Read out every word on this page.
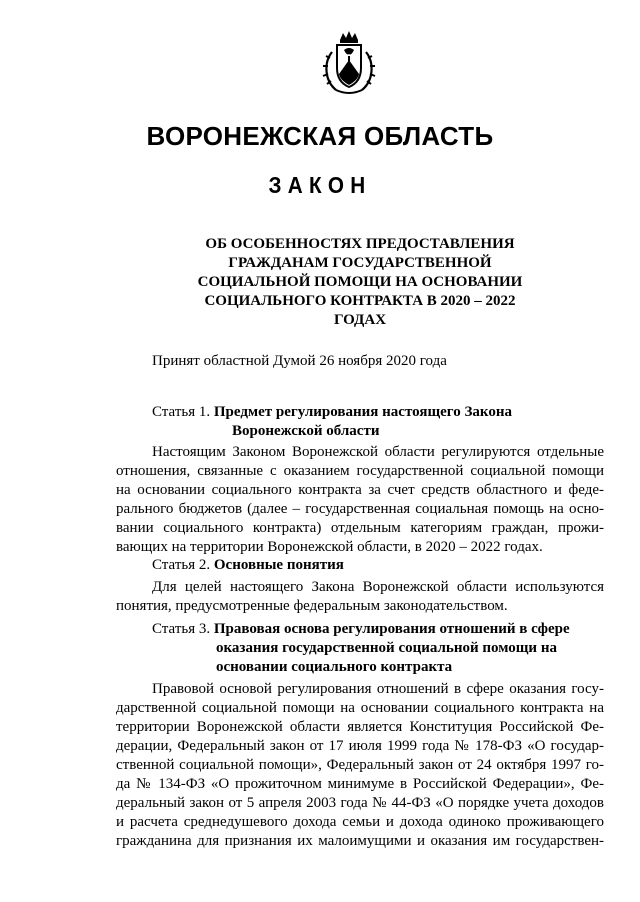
ВОРОНЕЖСКАЯ ОБЛАСТЬ
ЗАКОН
ОБ ОСОБЕННОСТЯХ ПРЕДОСТАВЛЕНИЯ
ГРАЖДАНАМ ГОСУДАРСТВЕННОЙ
СОЦИАЛЬНОЙ ПОМОЩИ НА ОСНОВАНИИ
СОЦИАЛЬНОГО КОНТРАКТА В 2020 – 2022
ГОДАХ
Принят областной Думой 26 ноября 2020 года
Статья 1. Предмет регулирования настоящего Закона
Воронежской области
Настоящим Законом Воронежской области регулируются отдельные
отношения, связанные с оказанием государственной социальной помощи
на основании социального контракта за счет средств областного и феде-
рального бюджетов (далее – государственная социальная помощь на осно-
вании социального контракта) отдельным категориям граждан, прожи-
вающих на территории Воронежской области, в 2020 – 2022 годах.
Статья 2. Основные понятия
Для целей настоящего Закона Воронежской области используются
понятия, предусмотренные федеральным законодательством.
Статья 3. Правовая основа регулирования отношений в сфере
оказания государственной социальной помощи на
основании социального контракта
Правовой основой регулирования отношений в сфере оказания госу-
дарственной социальной помощи на основании социального контракта на
территории Воронежской области является Конституция Российской Фе-
дерации, Федеральный закон от 17 июля 1999 года № 178-ФЗ «О государ-
ственной социальной помощи», Федеральный закон от 24 октября 1997 го-
да № 134-ФЗ «О прожиточном минимуме в Российской Федерации», Фе-
деральный закон от 5 апреля 2003 года № 44-ФЗ «О порядке учета доходов
и расчета среднедушевого дохода семьи и дохода одиноко проживающего
гражданина для признания их малоимущими и оказания им государствен-
